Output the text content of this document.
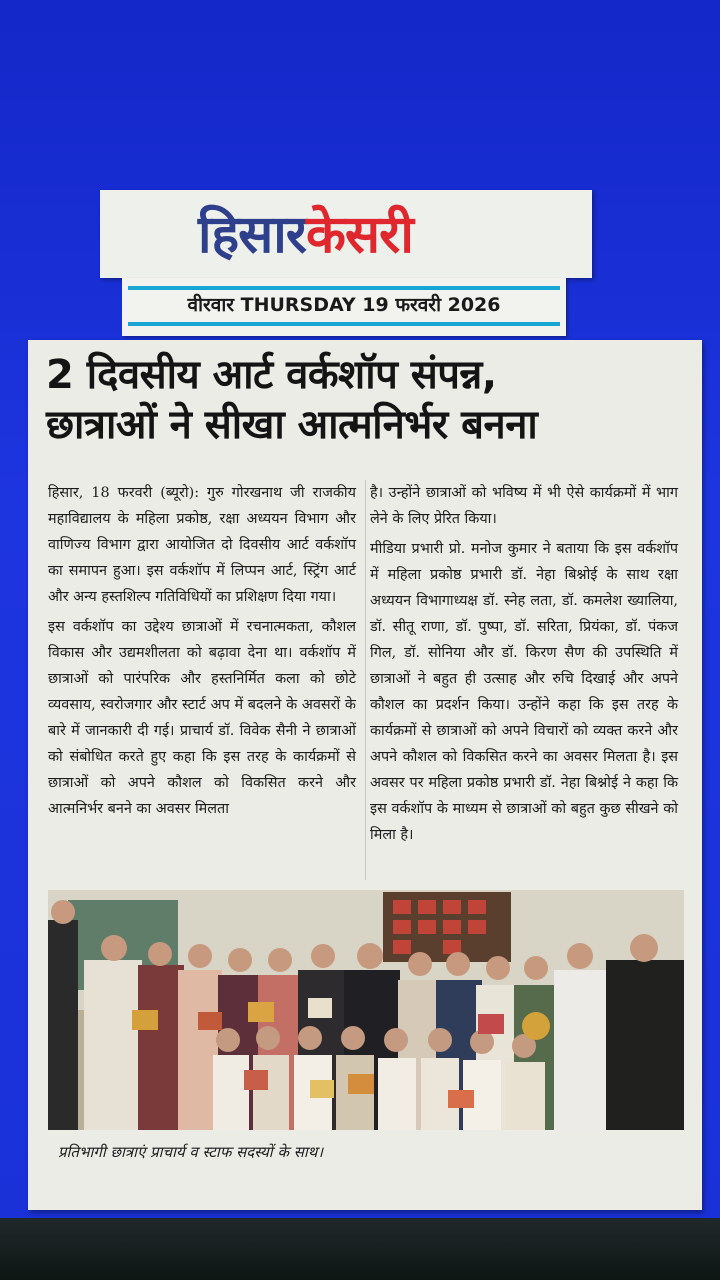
हिसारकेसरी
वीरवार THURSDAY 19 फरवरी 2026
2 दिवसीय आर्ट वर्कशॉप संपन्न,
छात्राओं ने सीखा आत्मनिर्भर बनना

हिसार, 18 फरवरी (ब्यूरो): गुरु गोरखनाथ जी राजकीय महाविद्यालय के महिला प्रकोष्ठ, रक्षा अध्ययन विभाग और वाणिज्य विभाग द्वारा आयोजित दो दिवसीय आर्ट वर्कशॉप का समापन हुआ। इस वर्कशॉप में लिप्पन आर्ट, स्ट्रिंग आर्ट और अन्य हस्तशिल्प गतिविधियों का प्रशिक्षण दिया गया।

इस वर्कशॉप का उद्देश्य छात्राओं में रचनात्मकता, कौशल विकास और उद्यमशीलता को बढ़ावा देना था। वर्कशॉप में छात्राओं को पारंपरिक और हस्तनिर्मित कला को छोटे व्यवसाय, स्वरोजगार और स्टार्ट अप में बदलने के अवसरों के बारे में जानकारी दी गई। प्राचार्य डॉ. विवेक सैनी ने छात्राओं को संबोधित करते हुए कहा कि इस तरह के कार्यक्रमों से छात्राओं को अपने कौशल को विकसित करने और आत्मनिर्भर बनने का अवसर मिलता

है। उन्होंने छात्राओं को भविष्य में भी ऐसे कार्यक्रमों में भाग लेने के लिए प्रेरित किया।

मीडिया प्रभारी प्रो. मनोज कुमार ने बताया कि इस वर्कशॉप में महिला प्रकोष्ठ प्रभारी डॉ. नेहा बिश्नोई के साथ रक्षा अध्ययन विभागाध्यक्ष डॉ. स्नेह लता, डॉ. कमलेश ख्यालिया, डॉ. सीतू राणा, डॉ. पुष्पा, डॉ. सरिता, प्रियंका, डॉ. पंकज गिल, डॉ. सोनिया और डॉ. किरण सैण की उपस्थिति में छात्राओं ने बहुत ही उत्साह और रुचि दिखाई और अपने कौशल का प्रदर्शन किया। उन्होंने कहा कि इस तरह के कार्यक्रमों से छात्राओं को अपने विचारों को व्यक्त करने और अपने कौशल को विकसित करने का अवसर मिलता है। इस अवसर पर महिला प्रकोष्ठ प्रभारी डॉ. नेहा बिश्नोई ने कहा कि इस वर्कशॉप के माध्यम से छात्राओं को बहुत कुछ सीखने को मिला है।

प्रतिभागी छात्राएं प्राचार्य व स्टाफ सदस्यों के साथ।
